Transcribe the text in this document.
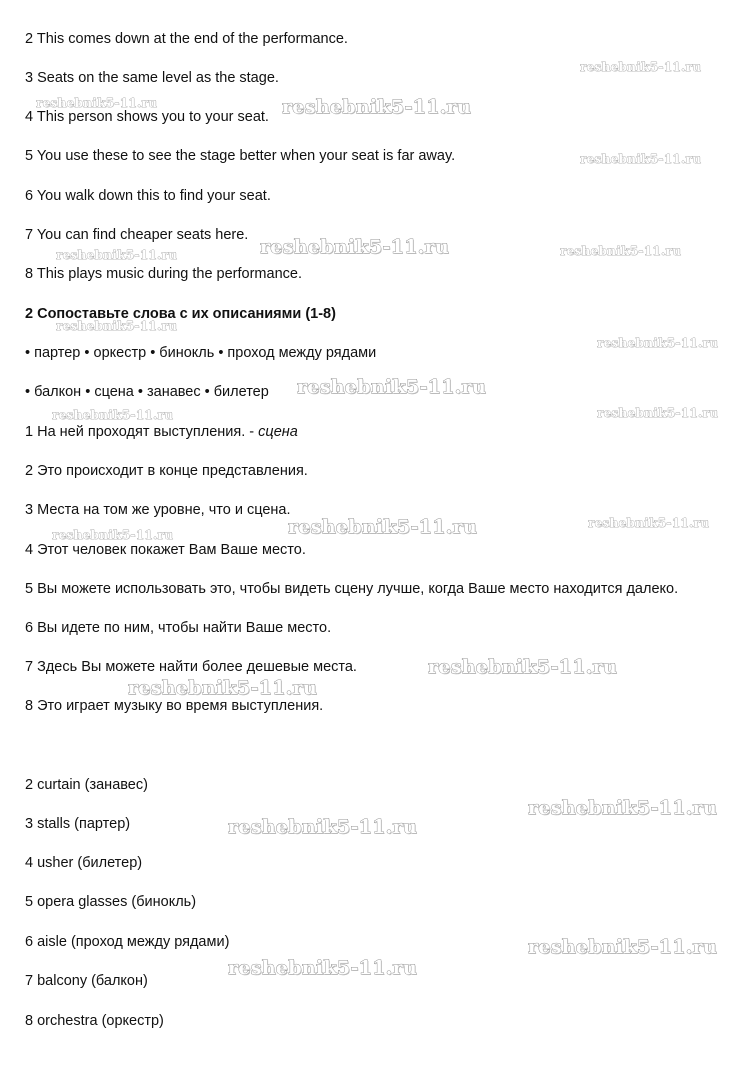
2 This comes down at the end of the performance.
3 Seats on the same level as the stage.
4 This person shows you to your seat.
5 You use these to see the stage better when your seat is far away.
6 You walk down this to find your seat.
7 You can find cheaper seats here.
8 This plays music during the performance.
2 Сопоставьте слова с их описаниями (1-8)
• партер • оркестр • бинокль • проход между рядами
• балкон • сцена • занавес • билетер
1 На ней проходят выступления. - сцена
2 Это происходит в конце представления.
3 Места на том же уровне, что и сцена.
4 Этот человек покажет Вам Ваше место.
5 Вы можете использовать это, чтобы видеть сцену лучше, когда Ваше место находится далеко.
6 Вы идете по ним, чтобы найти Ваше место.
7 Здесь Вы можете найти более дешевые места.
8 Это играет музыку во время выступления.
2 curtain (занавес)
3 stalls (партер)
4 usher (билетер)
5 opera glasses (бинокль)
6 aisle (проход между рядами)
7 balcony (балкон)
8 orchestra (оркестр)
reshebnik5-11.ru
reshebnik5-11.ru	reshebnik5-11.ru
reshebnik5-11.ru
reshebnik5-11.ru	reshebnik5-11.ru
reshebnik5-11.ru
reshebnik5-11.ru
reshebnik5-11.ru
reshebnik5-11.ru
reshebnik5-11.ru	reshebnik5-11.ru
reshebnik5-11.ru	reshebnik5-11.ru
reshebnik5-11.ru
reshebnik5-11.ru
reshebnik5-11.ru
reshebnik5-11.ru
reshebnik5-11.ru
reshebnik5-11.ru
reshebnik5-11.ru
